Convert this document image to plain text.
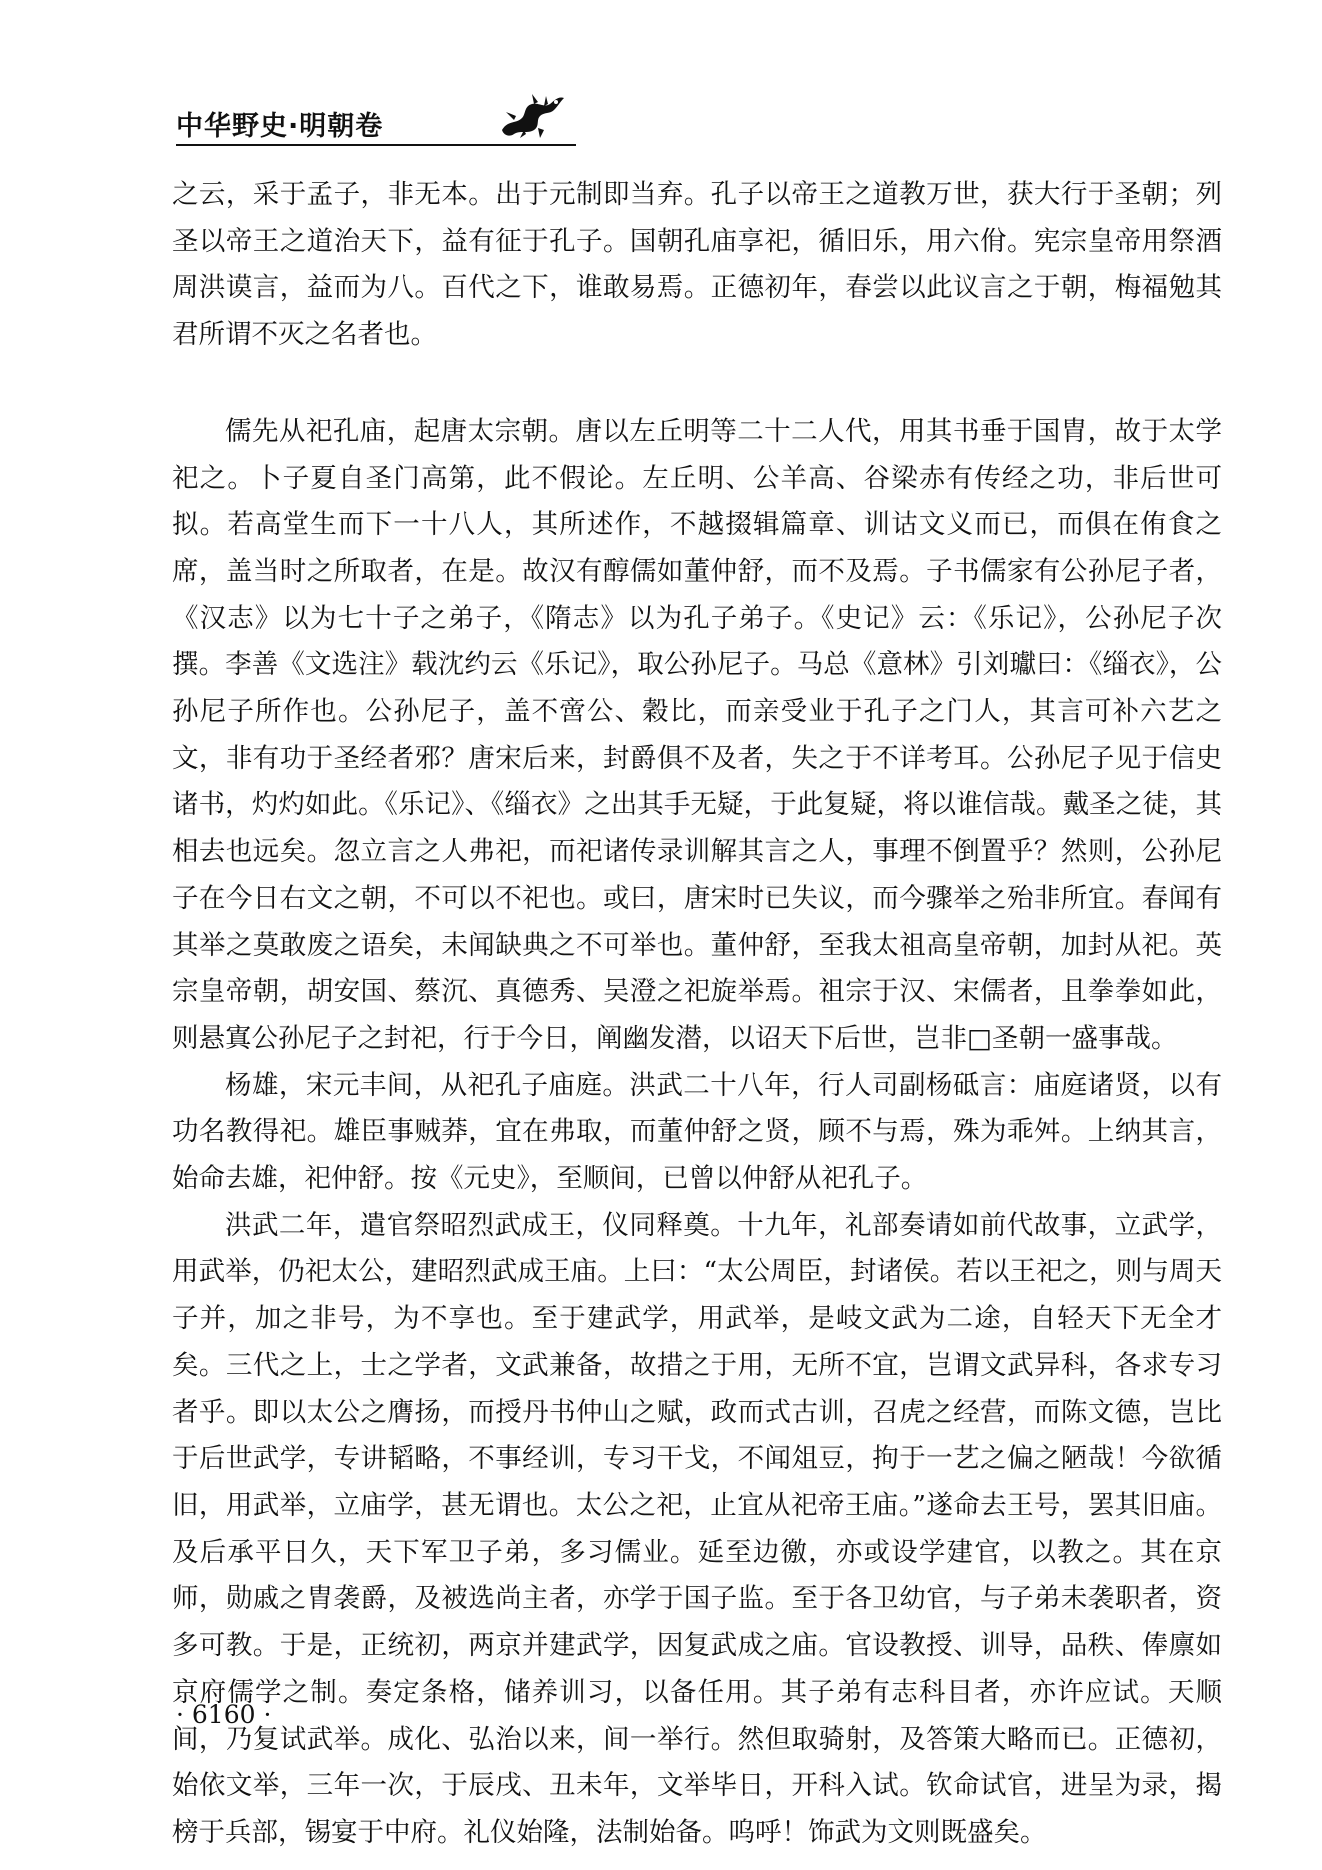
中华野史·明朝卷

之云，采于孟子，非无本。出于元制即当弃。孔子以帝王之道教万世，获大行于圣朝；列圣以帝王之道治天下，益有征于孔子。国朝孔庙享祀，循旧乐，用六佾。宪宗皇帝用祭酒周洪谟言，益而为八。百代之下，谁敢易焉。正德初年，春尝以此议言之于朝，梅福勉其君所谓不灭之名者也。

儒先从祀孔庙，起唐太宗朝。唐以左丘明等二十二人代，用其书垂于国胄，故于太学祀之。卜子夏自圣门高第，此不假论。左丘明、公羊高、谷梁赤有传经之功，非后世可拟。若高堂生而下一十八人，其所述作，不越掇辑篇章、训诂文义而已，而俱在侑食之席，盖当时之所取者，在是。故汉有醇儒如董仲舒，而不及焉。子书儒家有公孙尼子者，《汉志》以为七十子之弟子，《隋志》以为孔子弟子。《史记》云：《乐记》，公孙尼子次撰。李善《文选注》载沈约云《乐记》，取公孙尼子。马总《意林》引刘瓛曰：《缁衣》，公孙尼子所作也。公孙尼子，盖不啻公、穀比，而亲受业于孔子之门人，其言可补六艺之文，非有功于圣经者邪？唐宋后来，封爵俱不及者，失之于不详考耳。公孙尼子见于信史诸书，灼灼如此。《乐记》、《缁衣》之出其手无疑，于此复疑，将以谁信哉。戴圣之徒，其相去也远矣。忽立言之人弗祀，而祀诸传录训解其言之人，事理不倒置乎？然则，公孙尼子在今日右文之朝，不可以不祀也。或曰，唐宋时已失议，而今骤举之殆非所宜。春闻有其举之莫敢废之语矣，未闻缺典之不可举也。董仲舒，至我太祖高皇帝朝，加封从祀。英宗皇帝朝，胡安国、蔡沉、真德秀、吴澄之祀旋举焉。祖宗于汉、宋儒者，且拳拳如此，则悬寘公孙尼子之封祀，行于今日，阐幽发潜，以诏天下后世，岂非□圣朝一盛事哉。

杨雄，宋元丰间，从祀孔子庙庭。洪武二十八年，行人司副杨砥言：庙庭诸贤，以有功名教得祀。雄臣事贼莽，宜在弗取，而董仲舒之贤，顾不与焉，殊为乖舛。上纳其言，始命去雄，祀仲舒。按《元史》，至顺间，已曾以仲舒从祀孔子。

洪武二年，遣官祭昭烈武成王，仪同释奠。十九年，礼部奏请如前代故事，立武学，用武举，仍祀太公，建昭烈武成王庙。上曰：“太公周臣，封诸侯。若以王祀之，则与周天子并，加之非号，为不享也。至于建武学，用武举，是岐文武为二途，自轻天下无全才矣。三代之上，士之学者，文武兼备，故措之于用，无所不宜，岂谓文武异科，各求专习者乎。即以太公之膺扬，而授丹书仲山之赋，政而式古训，召虎之经营，而陈文德，岂比于后世武学，专讲韬略，不事经训，专习干戈，不闻俎豆，拘于一艺之偏之陋哉！今欲循旧，用武举，立庙学，甚无谓也。太公之祀，止宜从祀帝王庙。”遂命去王号，罢其旧庙。及后承平日久，天下军卫子弟，多习儒业。延至边徼，亦或设学建官，以教之。其在京师，勋戚之胄袭爵，及被选尚主者，亦学于国子监。至于各卫幼官，与子弟未袭职者，资多可教。于是，正统初，两京并建武学，因复武成之庙。官设教授、训导，品秩、俸廪如京府儒学之制。奏定条格，储养训习，以备任用。其子弟有志科目者，亦许应试。天顺间，乃复试武举。成化、弘治以来，间一举行。然但取骑射，及答策大略而已。正德初，始依文举，三年一次，于辰戌、丑未年，文举毕日，开科入试。钦命试官，进呈为录，揭榜于兵部，锡宴于中府。礼仪始隆，法制始备。呜呼！饰武为文则既盛矣。

· 6160 ·
